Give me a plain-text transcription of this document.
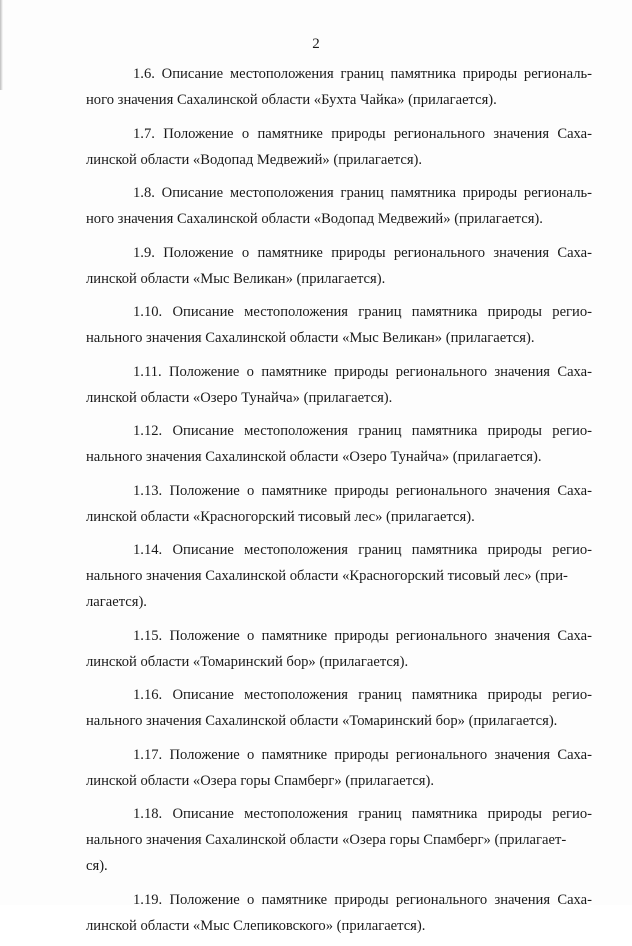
2

1.6. Описание местоположения границ памятника природы региональ-
ного значения Сахалинской области «Бухта Чайка» (прилагается).

1.7. Положение о памятнике природы регионального значения Саха-
линской области «Водопад Медвежий» (прилагается).

1.8. Описание местоположения границ памятника природы региональ-
ного значения Сахалинской области «Водопад Медвежий» (прилагается).

1.9. Положение о памятнике природы регионального значения Саха-
линской области «Мыс Великан» (прилагается).

1.10. Описание местоположения границ памятника природы регио-
нального значения Сахалинской области «Мыс Великан» (прилагается).

1.11. Положение о памятнике природы регионального значения Саха-
линской области «Озеро Тунайча» (прилагается).

1.12. Описание местоположения границ памятника природы регио-
нального значения Сахалинской области «Озеро Тунайча» (прилагается).

1.13. Положение о памятнике природы регионального значения Саха-
линской области «Красногорский тисовый лес» (прилагается).

1.14. Описание местоположения границ памятника природы регио-
нального значения Сахалинской области «Красногорский тисовый лес» (при-
лагается).

1.15. Положение о памятнике природы регионального значения Саха-
линской области «Томаринский бор» (прилагается).

1.16. Описание местоположения границ памятника природы регио-
нального значения Сахалинской области «Томаринский бор» (прилагается).

1.17. Положение о памятнике природы регионального значения Саха-
линской области «Озера горы Спамберг» (прилагается).

1.18. Описание местоположения границ памятника природы регио-
нального значения Сахалинской области «Озера горы Спамберг» (прилагает-
ся).

1.19. Положение о памятнике природы регионального значения Саха-
линской области «Мыс Слепиковского» (прилагается).
